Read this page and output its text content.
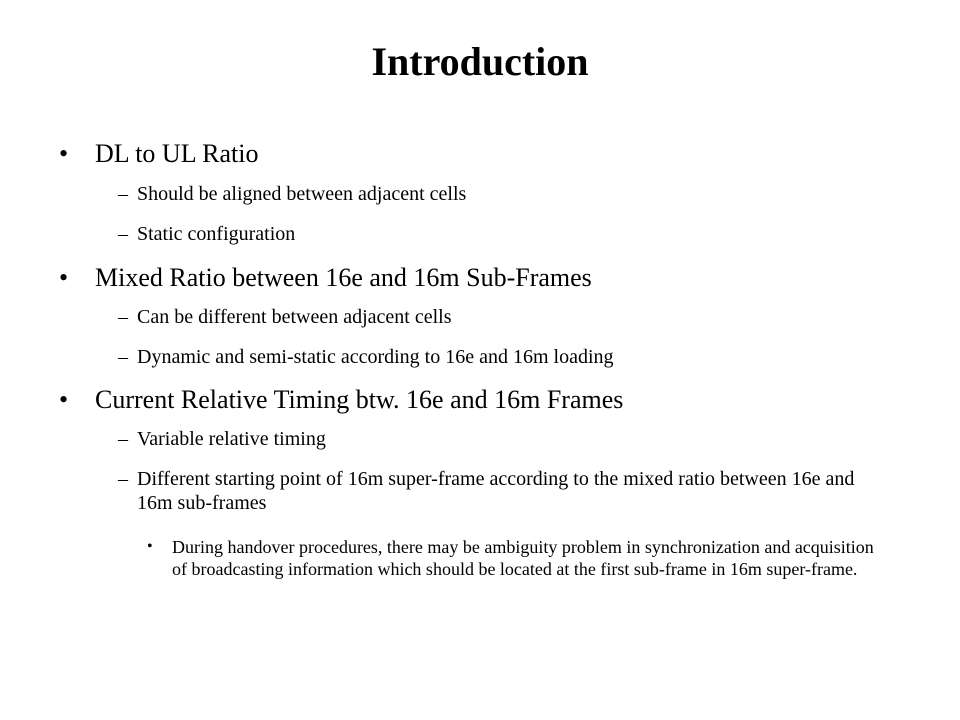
Introduction
• DL to UL Ratio
– Should be aligned between adjacent cells
– Static configuration
• Mixed Ratio between 16e and 16m Sub-Frames
– Can be different between adjacent cells
– Dynamic and semi-static according to 16e and 16m loading
• Current Relative Timing btw. 16e and 16m Frames
– Variable relative timing
– Different starting point of 16m super-frame according to the mixed ratio between 16e and 16m sub-frames
• During handover procedures, there may be ambiguity problem in synchronization and acquisition of broadcasting information which should be located at the first sub-frame in 16m super-frame.
